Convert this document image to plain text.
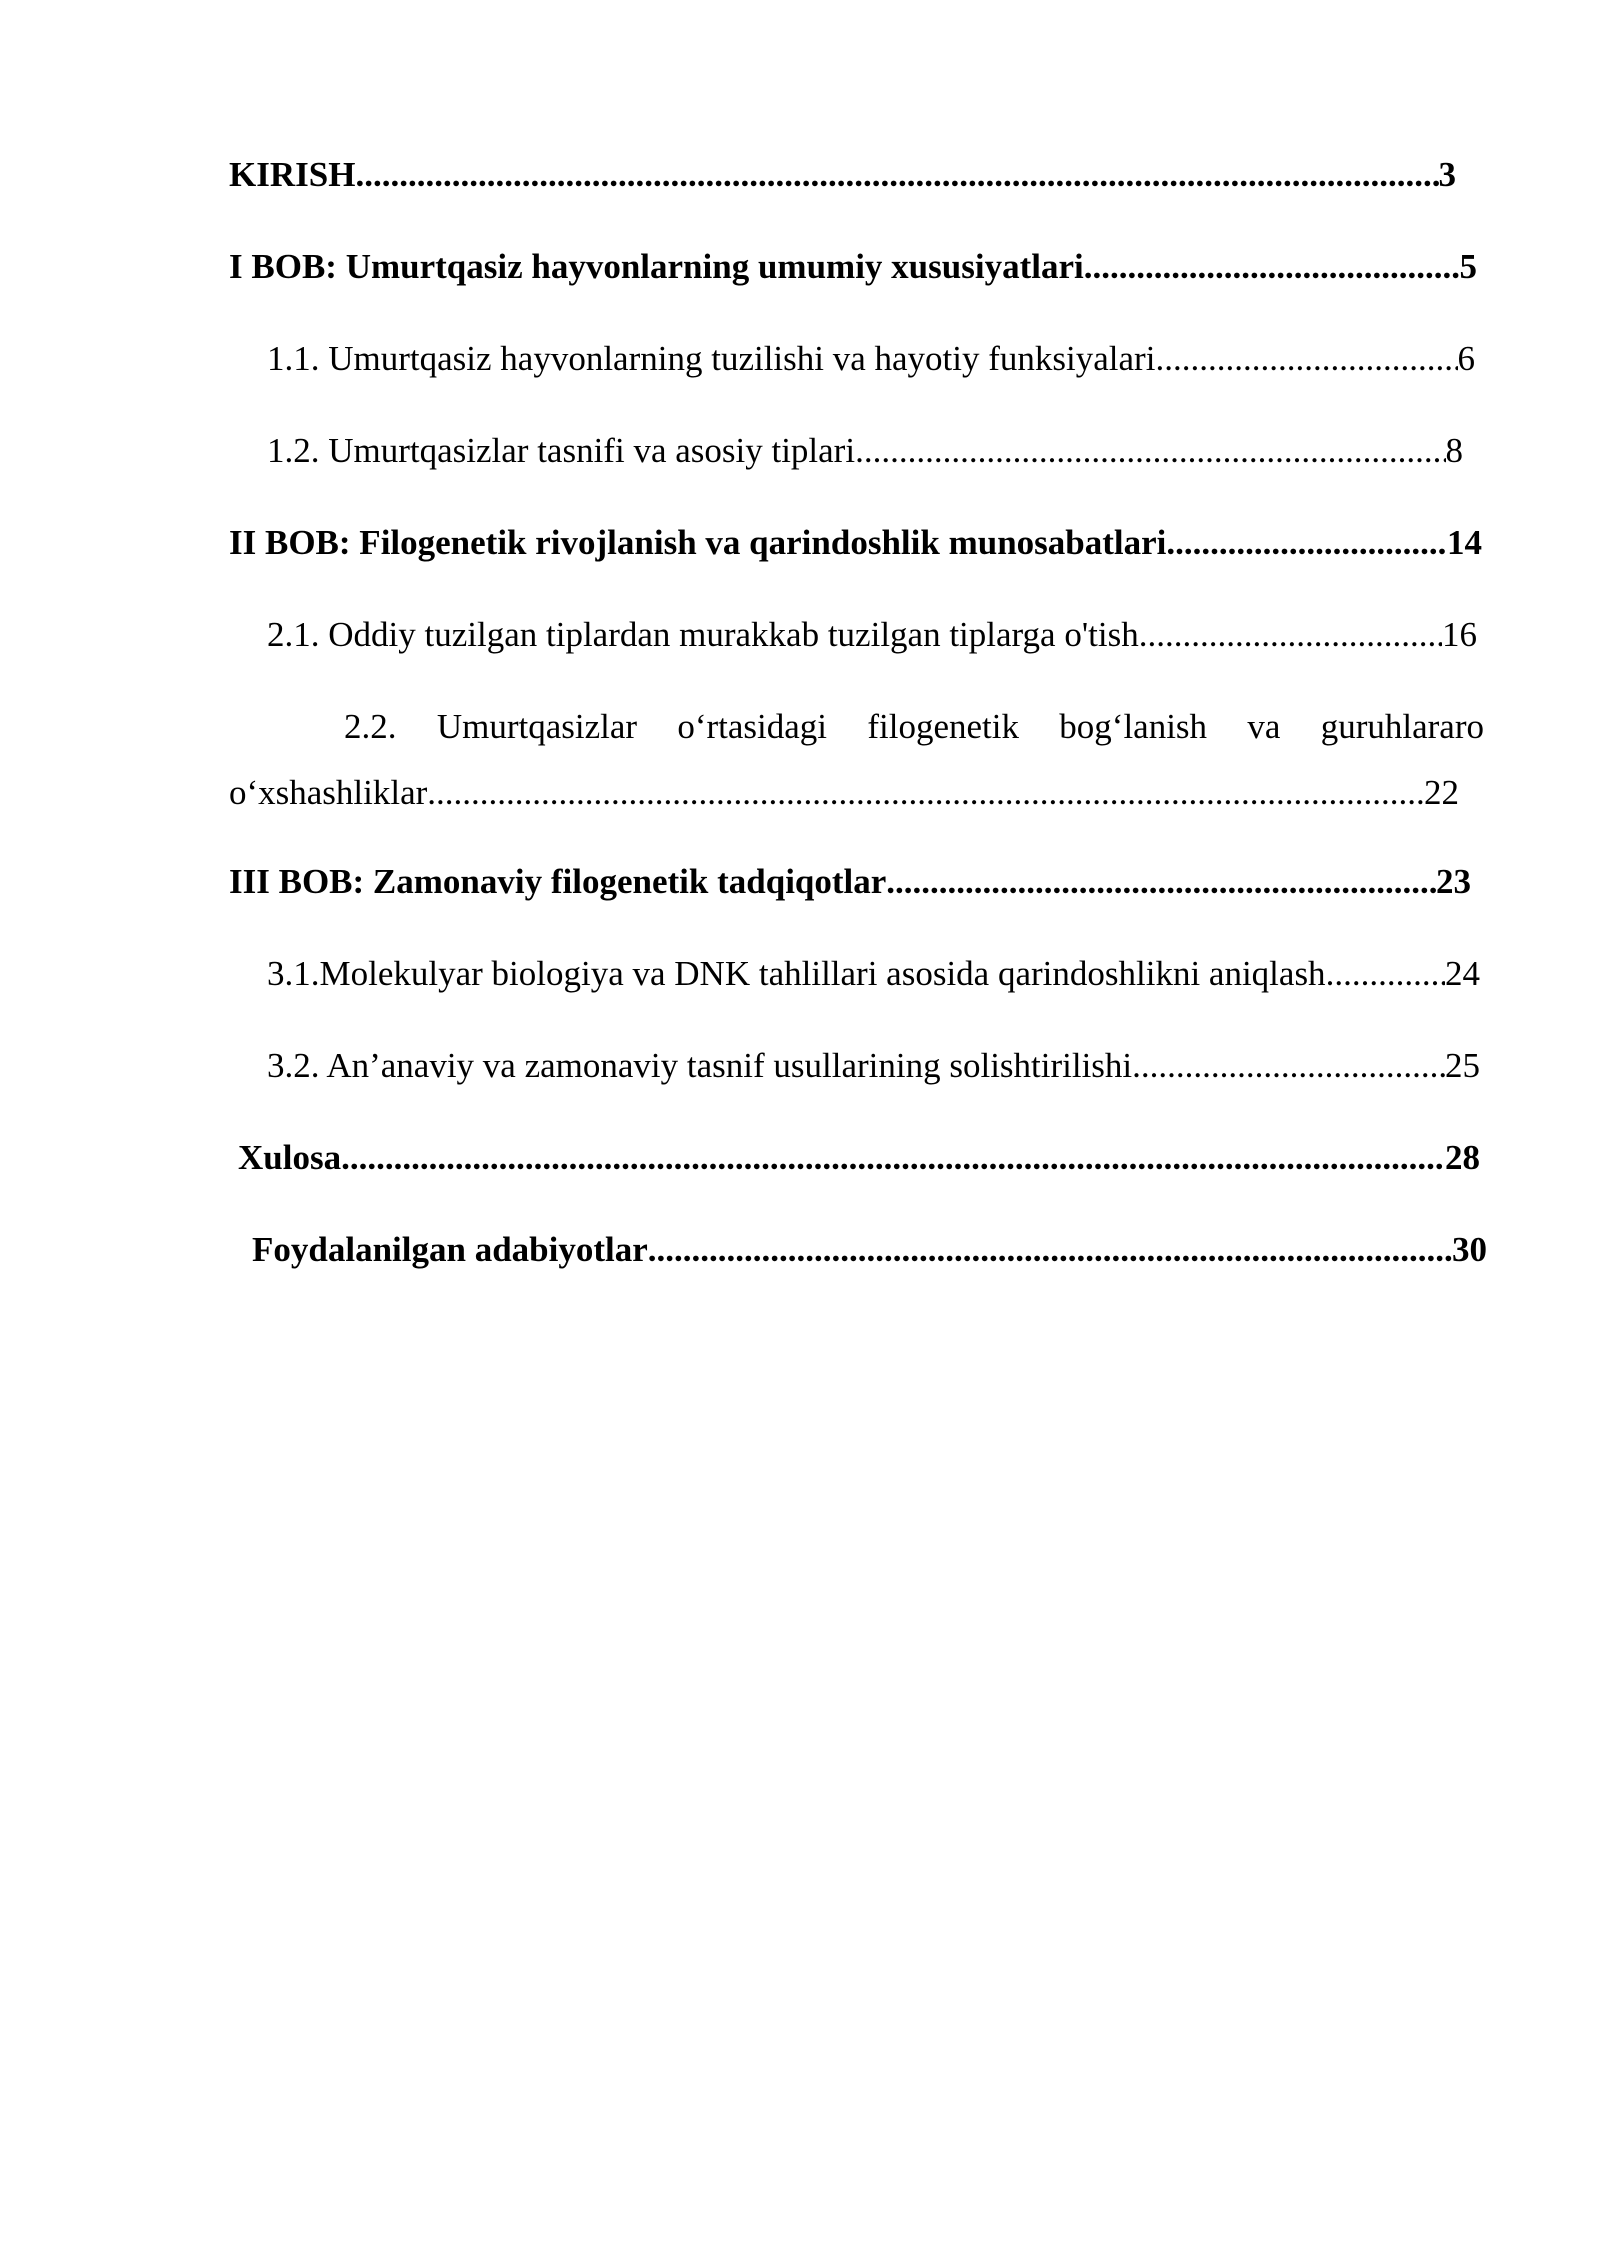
KIRISH .....	3
I BOB: Umurtqasiz hayvonlarning umumiy xususiyatlari .....	5
1.1. Umurtqasiz hayvonlarning tuzilishi va hayotiy funksiyalari .....	6
1.2. Umurtqasizlar tasnifi va asosiy tiplari .....	8
II BOB: Filogenetik rivojlanish va qarindoshlik munosabatlari .....	14
2.1. Oddiy tuzilgan tiplardan murakkab tuzilgan tiplarga o'tish .....	16
2.2. Umurtqasizlar o‘rtasidagi filogenetik bog‘lanish va guruhlararo
o‘xshashliklar .....	22
III BOB: Zamonaviy filogenetik tadqiqotlar .....	23
3.1.Molekulyar biologiya va DNK tahlillari asosida qarindoshlikni aniqlash .....	24
3.2. An’anaviy va zamonaviy tasnif usullarining solishtirilishi .....	25
Xulosa .....	28
Foydalanilgan adabiyotlar .....	30
